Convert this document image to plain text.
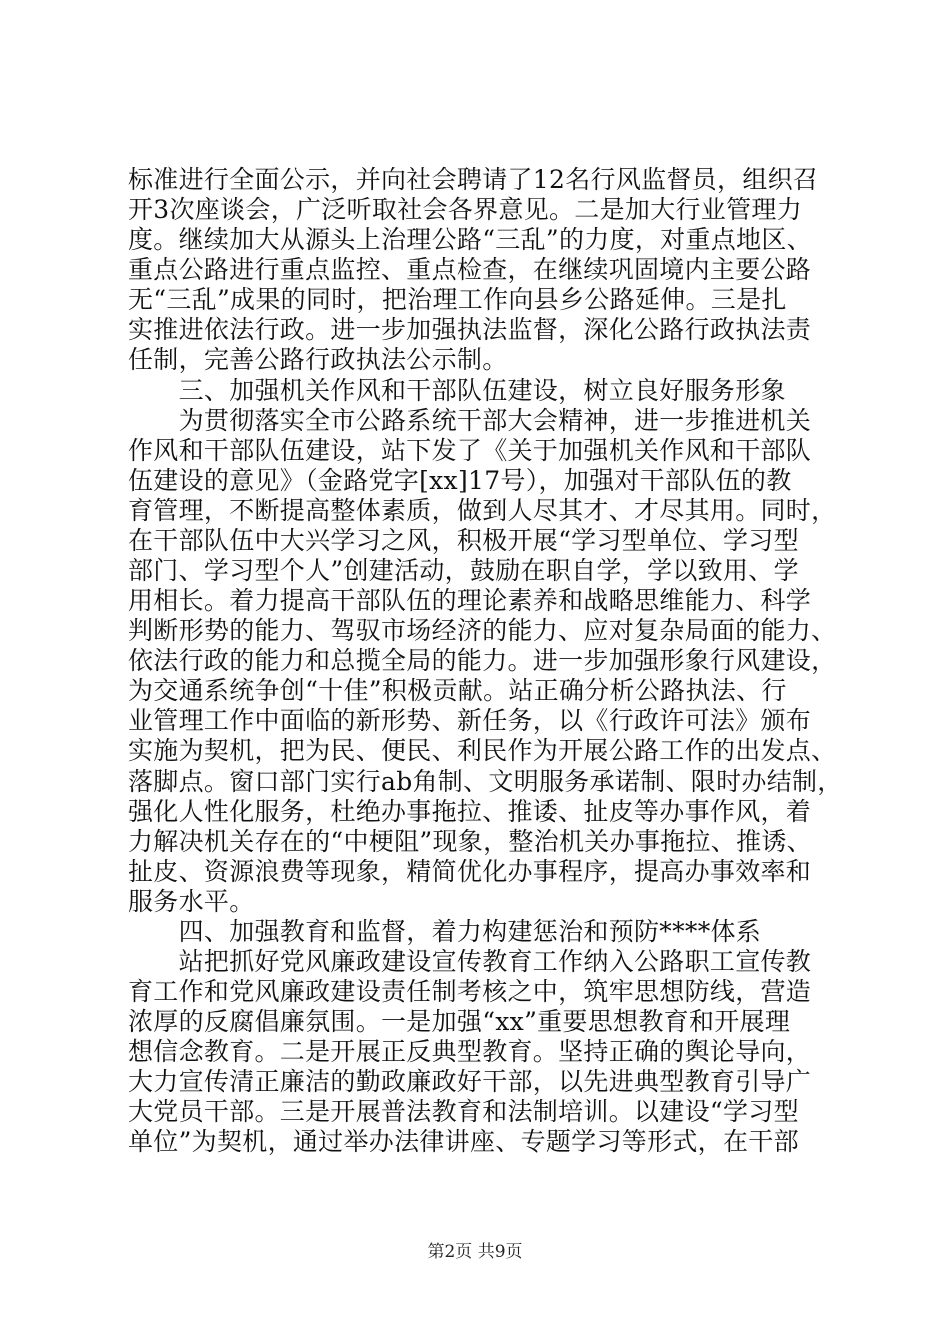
标准进行全面公示，并向社会聘请了12名行风监督员，组织召
开3次座谈会，广泛听取社会各界意见。二是加大行业管理力
度。继续加大从源头上治理公路“三乱”的力度，对重点地区、
重点公路进行重点监控、重点检查，在继续巩固境内主要公路
无“三乱”成果的同时，把治理工作向县乡公路延伸。三是扎
实推进依法行政。进一步加强执法监督，深化公路行政执法责
任制，完善公路行政执法公示制。
　　三、加强机关作风和干部队伍建设，树立良好服务形象
　　为贯彻落实全市公路系统干部大会精神，进一步推进机关
作风和干部队伍建设，站下发了《关于加强机关作风和干部队
伍建设的意见》（金路党字[xx]17号），加强对干部队伍的教
育管理，不断提高整体素质，做到人尽其才、才尽其用。同时，
在干部队伍中大兴学习之风，积极开展“学习型单位、学习型
部门、学习型个人”创建活动，鼓励在职自学，学以致用、学
用相长。着力提高干部队伍的理论素养和战略思维能力、科学
判断形势的能力、驾驭市场经济的能力、应对复杂局面的能力、
依法行政的能力和总揽全局的能力。进一步加强形象行风建设，
为交通系统争创“十佳”积极贡献。站正确分析公路执法、行
业管理工作中面临的新形势、新任务，以《行政许可法》颁布
实施为契机，把为民、便民、利民作为开展公路工作的出发点、
落脚点。窗口部门实行ab角制、文明服务承诺制、限时办结制，
强化人性化服务，杜绝办事拖拉、推诿、扯皮等办事作风，着
力解决机关存在的“中梗阻”现象，整治机关办事拖拉、推诱、
扯皮、资源浪费等现象，精简优化办事程序，提高办事效率和
服务水平。
　　四、加强教育和监督，着力构建惩治和预防****体系
　　站把抓好党风廉政建设宣传教育工作纳入公路职工宣传教
育工作和党风廉政建设责任制考核之中，筑牢思想防线，营造
浓厚的反腐倡廉氛围。一是加强“xx”重要思想教育和开展理
想信念教育。二是开展正反典型教育。坚持正确的舆论导向，
大力宣传清正廉洁的勤政廉政好干部，以先进典型教育引导广
大党员干部。三是开展普法教育和法制培训。以建设“学习型
单位”为契机，通过举办法律讲座、专题学习等形式，在干部
第2页 共9页
